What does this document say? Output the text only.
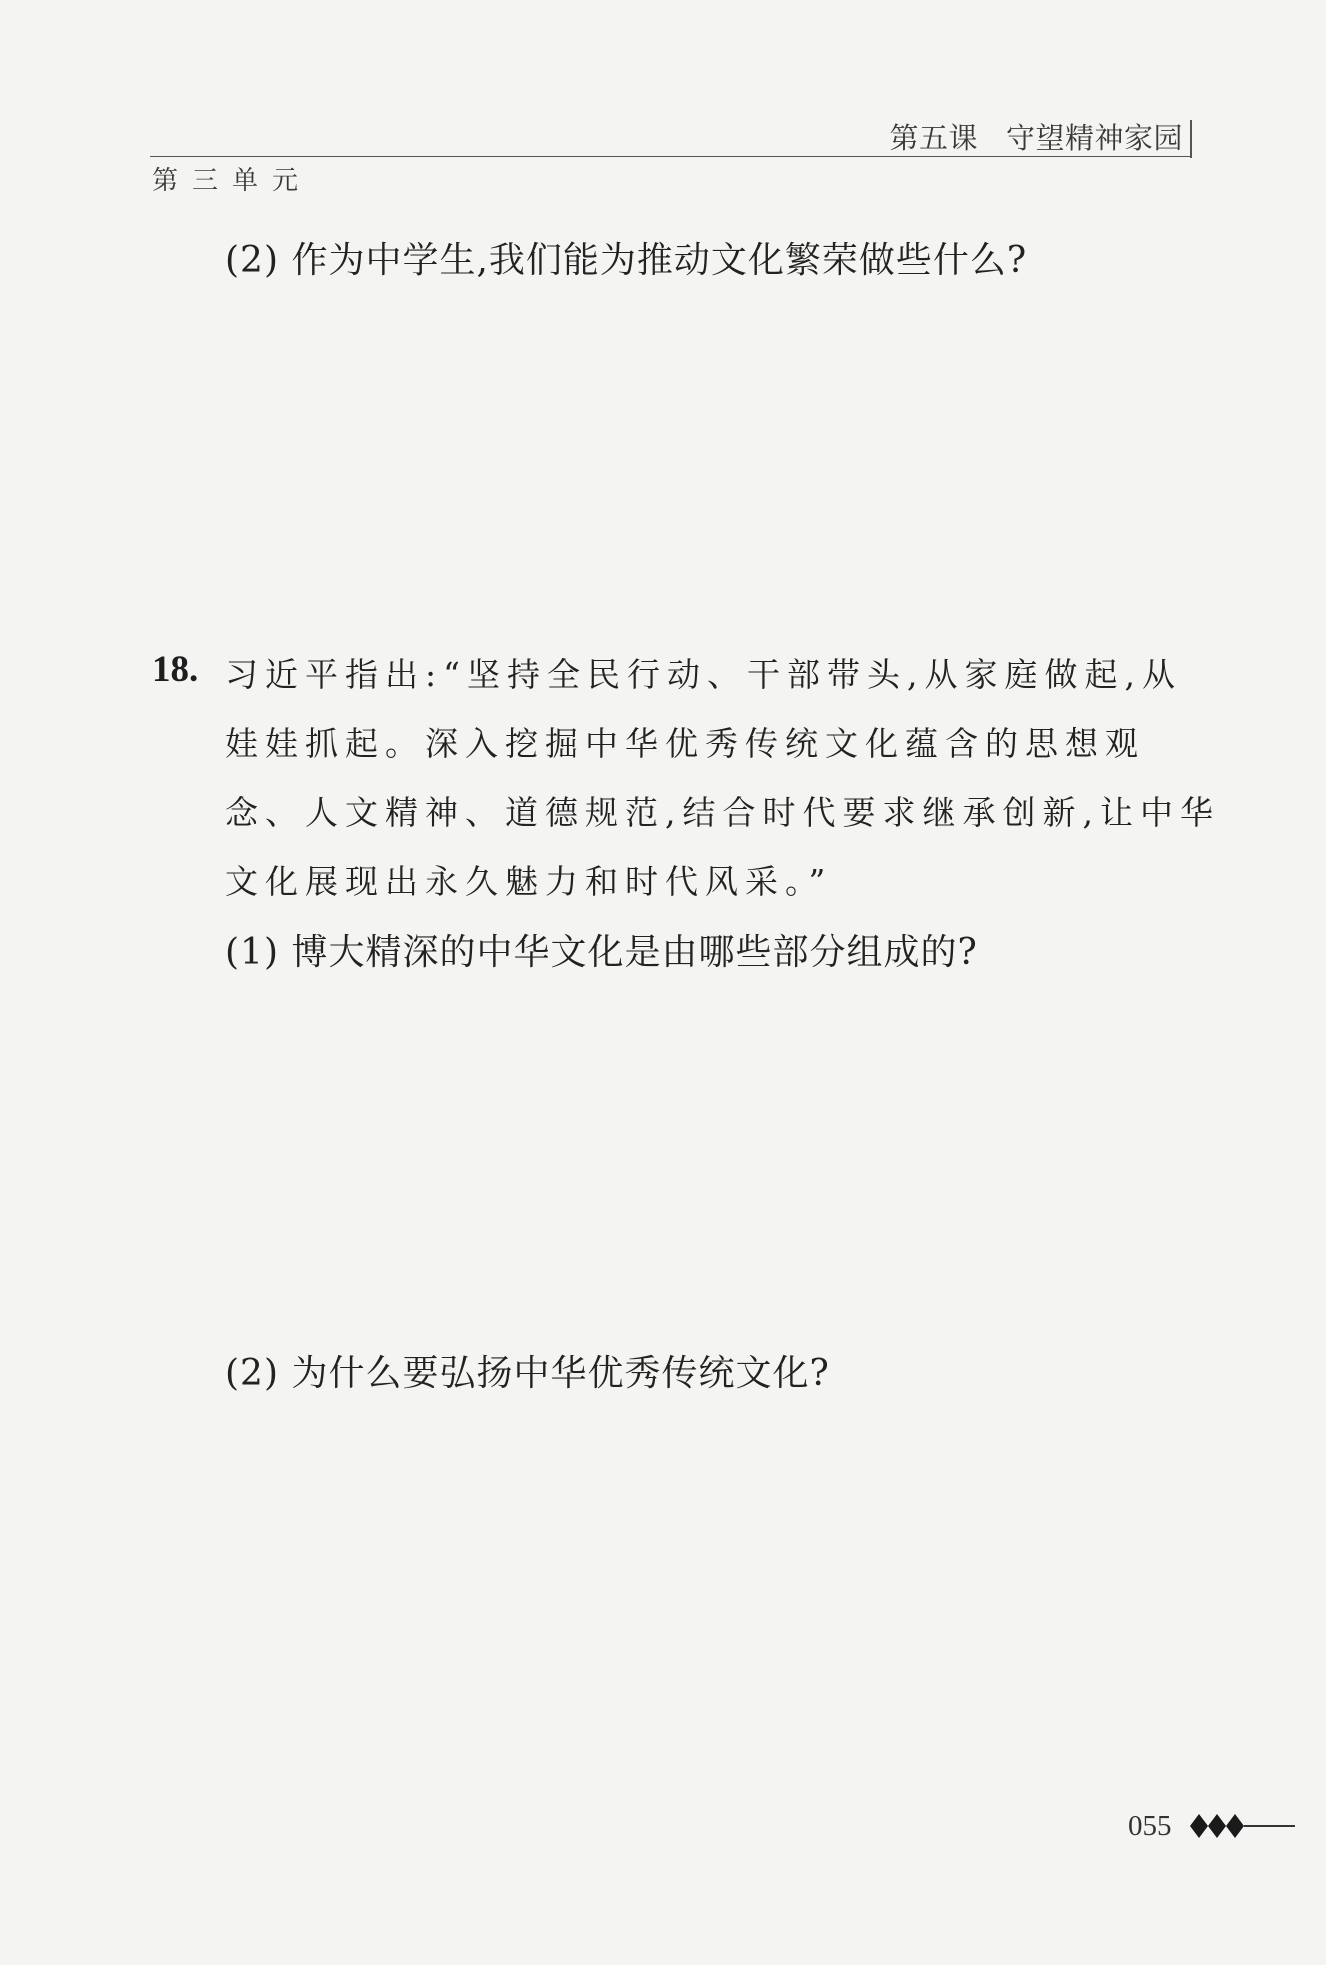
第五课 守望精神家园
第三单元
(2) 作为中学生,我们能为推动文化繁荣做些什么?
18. 习近平指出:“坚持全民行动、干部带头,从家庭做起,从
娃娃抓起。深入挖掘中华优秀传统文化蕴含的思想观
念、人文精神、道德规范,结合时代要求继承创新,让中华
文化展现出永久魅力和时代风采。”
(1) 博大精深的中华文化是由哪些部分组成的?
(2) 为什么要弘扬中华优秀传统文化?
055
